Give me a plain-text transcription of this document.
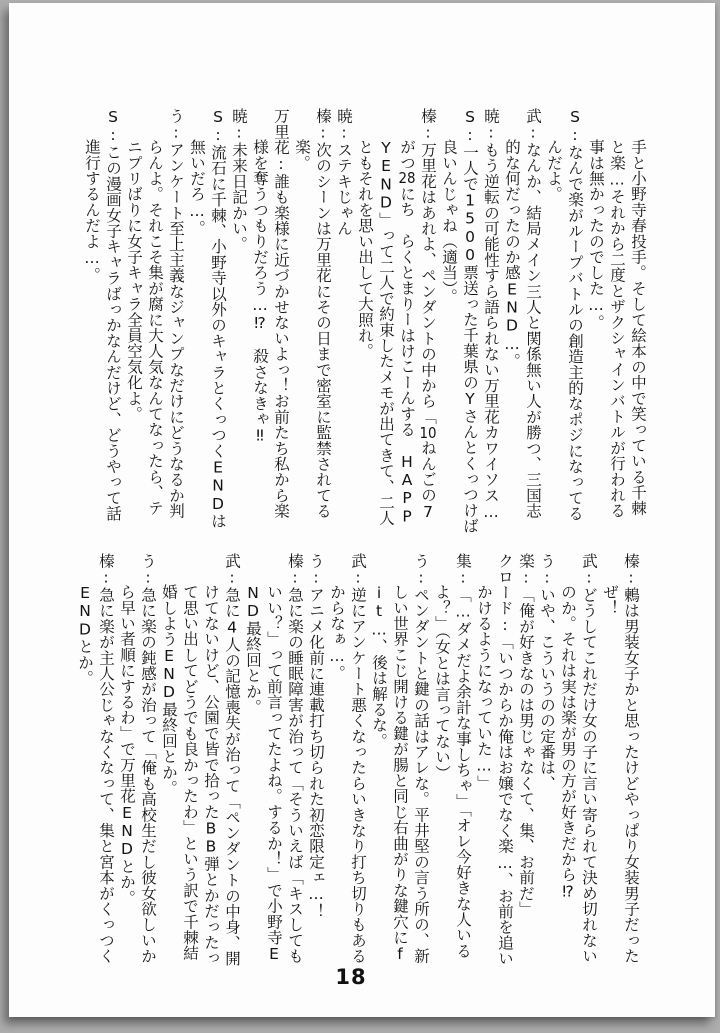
手と小野寺春投手。そして絵本の中で笑っている千棘
と楽…それから二度とザクシャインバトルが行われる
事は無かったのでした…。
S:なんで楽がループバトルの創造主的なポジになってる
んだよ。
武:なんか、結局メイン三人と関係無い人が勝つ、三国志
的な何だったのか感END…。
暁:もう逆転の可能性すら語られない万里花カワイソス…
S:一人で1500票送った千葉県のYさんとくっつけば
良いんじゃね（適当）。
榛:万里花はあれよ、ペンダントの中から「10ねんごの7
がつ28にち　らくとまりーはけこーんする　HAPP
YEND」って二人で約束したメモが出てきて、二人
ともそれを思い出して大照れ。
暁:ステキじゃん
榛:次のシーンは万里花にその日まで密室に監禁されてる
楽。
万里花:誰も楽様に近づかせないよっ！お前たち私から楽
様を奪うつもりだろう…⁉　殺さなきゃ‼
暁:未来日記かい。
S:流石に千棘、小野寺以外のキャラとくっつくENDは
無いだろ…。
う:アンケート至上主義なジャンプなだけにどうなるか判
らんよ。それこそ集が腐に大人気なんてなったら、テ
ニプリばりに女子キャラ全員空気化よ。
S:この漫画女子キャラばっかなんだけど、どうやって話
進行するんだよ…。
榛:鶫は男装女子かと思ったけどやっぱり女装男子だった
ぜ！
武:どうしてこれだけ女の子に言い寄られて決め切れない
のか。それは実は楽が男の方が好きだから⁉
う:いや、こういうのの定番は、
楽:「俺が好きなのは男じゃなくて、集、お前だ」
クロード:「いつからか俺はお嬢でなく楽…、お前を追い
かけるようになっていた…」
集:「…ダメだよ余計な事しちゃ」「オレ今好きな人いる
よ？」（女とは言ってない）
う:ペンダントと鍵の話はアレな。平井堅の言う所の、新
しい世界こじ開ける鍵が腸と同じ右曲がりな鍵穴にf
it…、後は解るな。
武:逆にアンケート悪くなったらいきなり打ち切りもある
からなぁ…。
う:アニメ化前に連載打ち切られた初恋限定ェ…！
榛:急に楽の睡眠障害が治って「そういえば「キスしても
いい？」って前言ってたよね。するか！」で小野寺E
ND最終回とか。
武:急に4人の記憶喪失が治って「ペンダントの中身、開
けてないけど、公園で皆で拾ったBB弾とかだったっ
て思い出してどうでも良かったわ」という訳で千棘結
婚しようEND最終回とか。
う:急に楽の鈍感が治って「俺も高校生だし彼女欲しいか
ら早い者順にするわ」で万里花ENDとか。
榛:急に楽が主人公じゃなくなって、集と宮本がくっつく
ENDとか。
18
